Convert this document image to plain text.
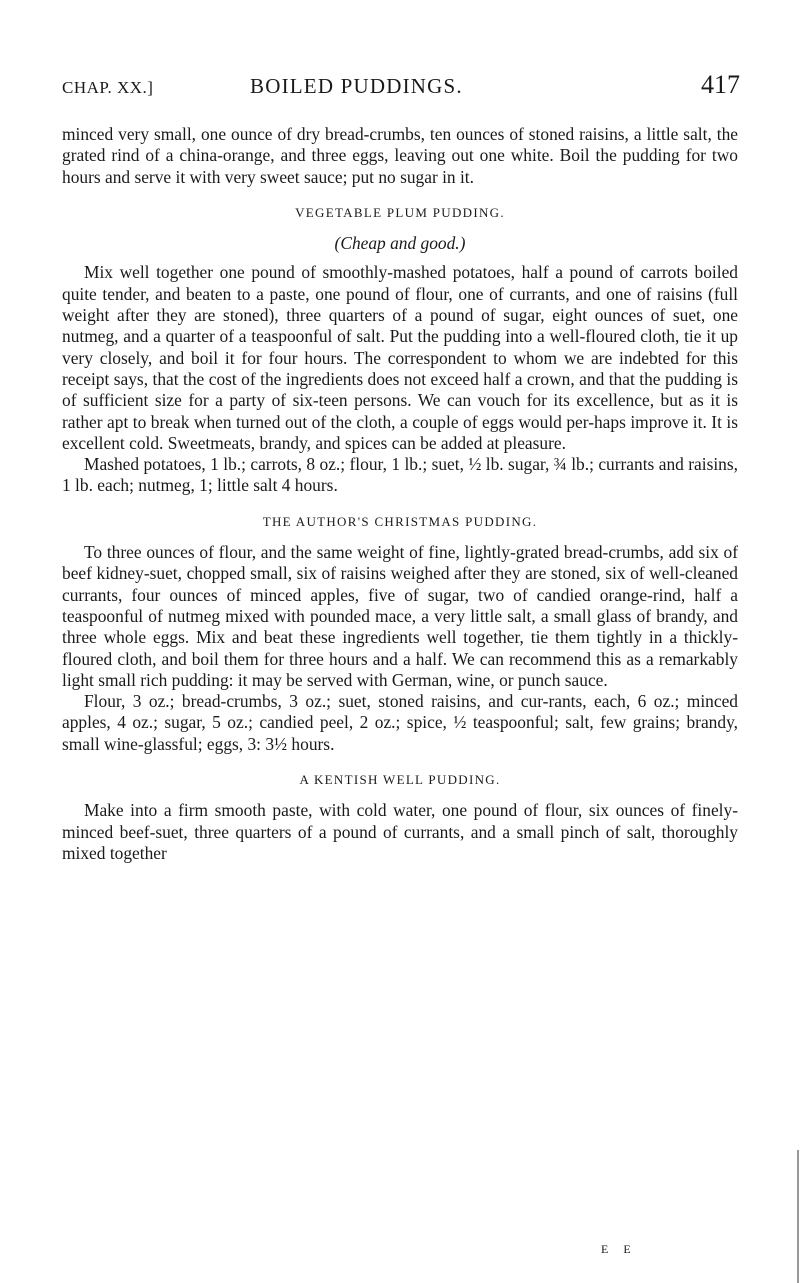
CHAP. XX.]	BOILED PUDDINGS.	417

minced very small, one ounce of dry bread-crumbs, ten ounces of stoned raisins, a little salt, the grated rind of a china-orange, and three eggs, leaving out one white. Boil the pudding for two hours and serve it with very sweet sauce; put no sugar in it.

VEGETABLE PLUM PUDDING.
(Cheap and good.)

Mix well together one pound of smoothly-mashed potatoes, half a pound of carrots boiled quite tender, and beaten to a paste, one pound of flour, one of currants, and one of raisins (full weight after they are stoned), three quarters of a pound of sugar, eight ounces of suet, one nutmeg, and a quarter of a teaspoonful of salt. Put the pudding into a well-floured cloth, tie it up very closely, and boil it for four hours. The correspondent to whom we are indebted for this receipt says, that the cost of the ingredients does not exceed half a crown, and that the pudding is of sufficient size for a party of six-teen persons. We can vouch for its excellence, but as it is rather apt to break when turned out of the cloth, a couple of eggs would per-haps improve it. It is excellent cold. Sweetmeats, brandy, and spices can be added at pleasure.

Mashed potatoes, 1 lb.; carrots, 8 oz.; flour, 1 lb.; suet, ½ lb. sugar, ¾ lb.; currants and raisins, 1 lb. each; nutmeg, 1; little salt 4 hours.

THE AUTHOR'S CHRISTMAS PUDDING.

To three ounces of flour, and the same weight of fine, lightly-grated bread-crumbs, add six of beef kidney-suet, chopped small, six of raisins weighed after they are stoned, six of well-cleaned currants, four ounces of minced apples, five of sugar, two of candied orange-rind, half a teaspoonful of nutmeg mixed with pounded mace, a very little salt, a small glass of brandy, and three whole eggs. Mix and beat these ingredients well together, tie them tightly in a thickly-floured cloth, and boil them for three hours and a half. We can recommend this as a remarkably light small rich pudding: it may be served with German, wine, or punch sauce.

Flour, 3 oz.; bread-crumbs, 3 oz.; suet, stoned raisins, and cur-rants, each, 6 oz.; minced apples, 4 oz.; sugar, 5 oz.; candied peel, 2 oz.; spice, ½ teaspoonful; salt, few grains; brandy, small wine-glassful; eggs, 3: 3½ hours.

A KENTISH WELL PUDDING.

Make into a firm smooth paste, with cold water, one pound of flour, six ounces of finely-minced beef-suet, three quarters of a pound of currants, and a small pinch of salt, thoroughly mixed together

E E
